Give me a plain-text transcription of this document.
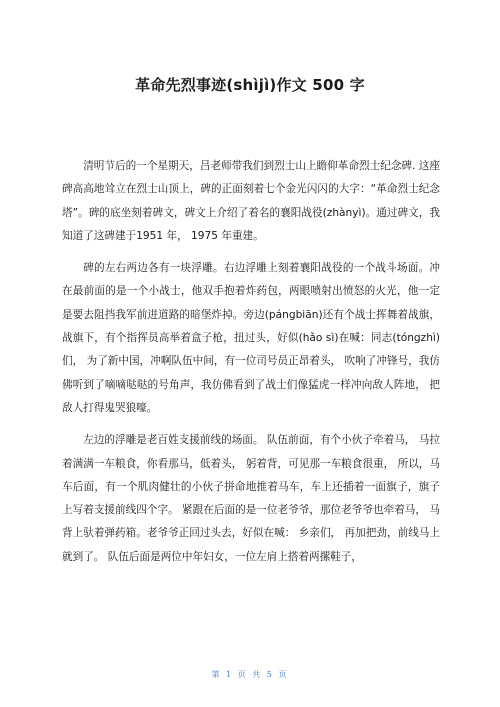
革命先烈事迹(shìjì)作文 500 字

清明节后的一个星期天，吕老师带我们到烈士山上瞻仰革命烈士纪念碑. 这座碑高高地耸立在烈士山顶上，碑的正面刻着七个金光闪闪的大字：“革命烈士纪念塔”。碑的底坐刻着碑文，碑文上介绍了着名的襄阳战役(zhànyì)。通过碑文，我知道了这碑建于1951 年， 1975 年重建。

碑的左右两边各有一块浮雕。右边浮雕上刻着襄阳战役的一个战斗场面。冲在最前面的是一个小战士，他双手抱着炸药包，两眼喷射出愤怒的火光，他一定是要去阻挡我军前进道路的暗堡炸掉。旁边(pángbiān)还有个战士挥舞着战旗，战旗下，有个指挥员高举着盒子枪，扭过头，好似(hǎo sì)在喊：同志(tóngzhì)们， 为了新中国，冲啊队伍中间，有一位司号员正昂着头， 吹响了冲锋号，我仿佛听到了嘀嘀哒哒的号角声，我仿佛看到了战士们像猛虎一样冲向敌人阵地， 把敌人打得鬼哭狼嚎。

左边的浮雕是老百姓支援前线的场面。 队伍前面，有个小伙子牵着马， 马拉着满满一车粮食，你看那马，低着头， 躬着背，可见那一车粮食很重， 所以，马车后面，有一个肌肉健壮的小伙子拼命地推着马车，车上还插着一面旗子，旗子上写着支援前线四个字。 紧跟在后面的是一位老爷爷，那位老爷爷也牵着马， 马背上驮着弹药箱。老爷爷正回过头去，好似在喊： 乡亲们， 再加把劲，前线马上就到了。 队伍后面是两位中年妇女，一位左肩上搭着两摞鞋子，

第 1 页 共 5 页
